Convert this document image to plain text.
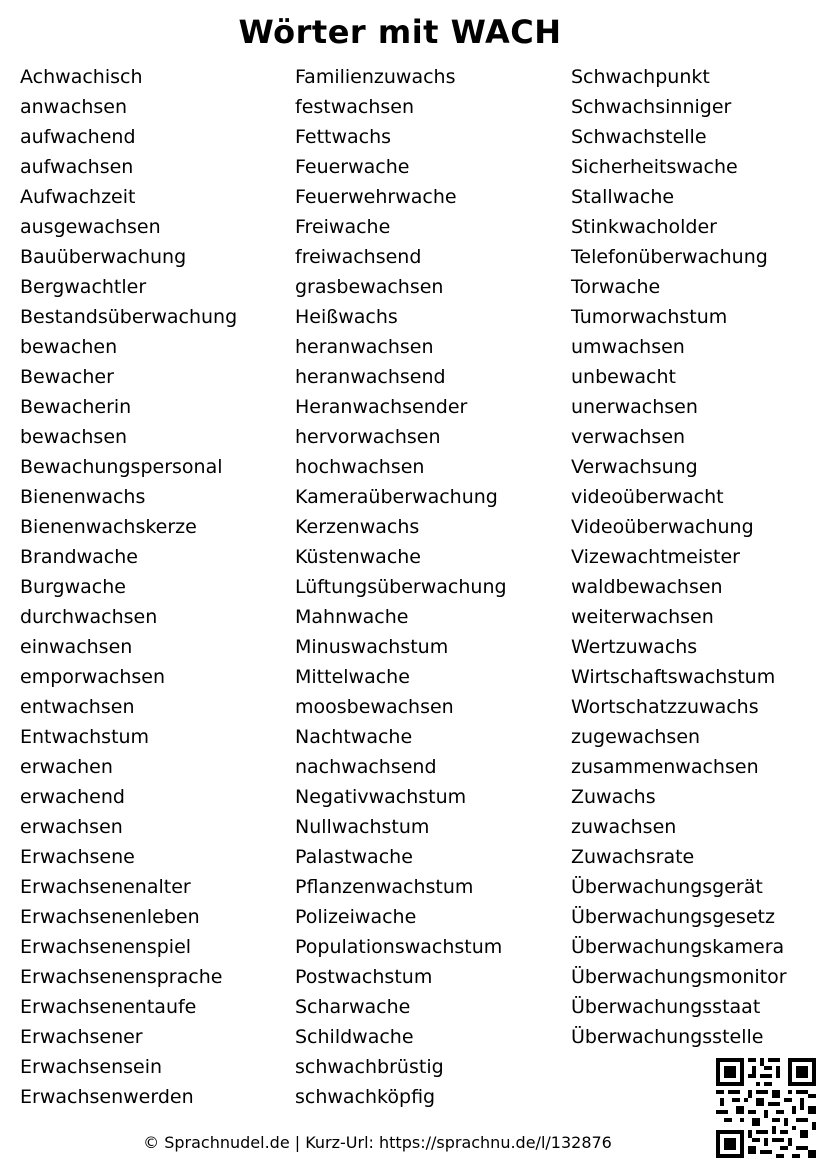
Wörter mit WACH
Achwachisch
anwachsen
aufwachend
aufwachsen
Aufwachzeit
ausgewachsen
Bauüberwachung
Bergwachtler
Bestandsüberwachung
bewachen
Bewacher
Bewacherin
bewachsen
Bewachungspersonal
Bienenwachs
Bienenwachskerze
Brandwache
Burgwache
durchwachsen
einwachsen
emporwachsen
entwachsen
Entwachstum
erwachen
erwachend
erwachsen
Erwachsene
Erwachsenenalter
Erwachsenenleben
Erwachsenenspiel
Erwachsenensprache
Erwachsenentaufe
Erwachsener
Erwachsensein
Erwachsenwerden
Familienzuwachs
festwachsen
Fettwachs
Feuerwache
Feuerwehrwache
Freiwache
freiwachsend
grasbewachsen
Heißwachs
heranwachsen
heranwachsend
Heranwachsender
hervorwachsen
hochwachsen
Kameraüberwachung
Kerzenwachs
Küstenwache
Lüftungsüberwachung
Mahnwache
Minuswachstum
Mittelwache
moosbewachsen
Nachtwache
nachwachsend
Negativwachstum
Nullwachstum
Palastwache
Pflanzenwachstum
Polizeiwache
Populationswachstum
Postwachstum
Scharwache
Schildwache
schwachbrüstig
schwachköpfig
Schwachpunkt
Schwachsinniger
Schwachstelle
Sicherheitswache
Stallwache
Stinkwacholder
Telefonüberwachung
Torwache
Tumorwachstum
umwachsen
unbewacht
unerwachsen
verwachsen
Verwachsung
videoüberwacht
Videoüberwachung
Vizewachtmeister
waldbewachsen
weiterwachsen
Wertzuwachs
Wirtschaftswachstum
Wortschatzzuwachs
zugewachsen
zusammenwachsen
Zuwachs
zuwachsen
Zuwachsrate
Überwachungsgerät
Überwachungsgesetz
Überwachungskamera
Überwachungsmonitor
Überwachungsstaat
Überwachungsstelle
© Sprachnudel.de | Kurz-Url: https://sprachnu.de/l/132876
